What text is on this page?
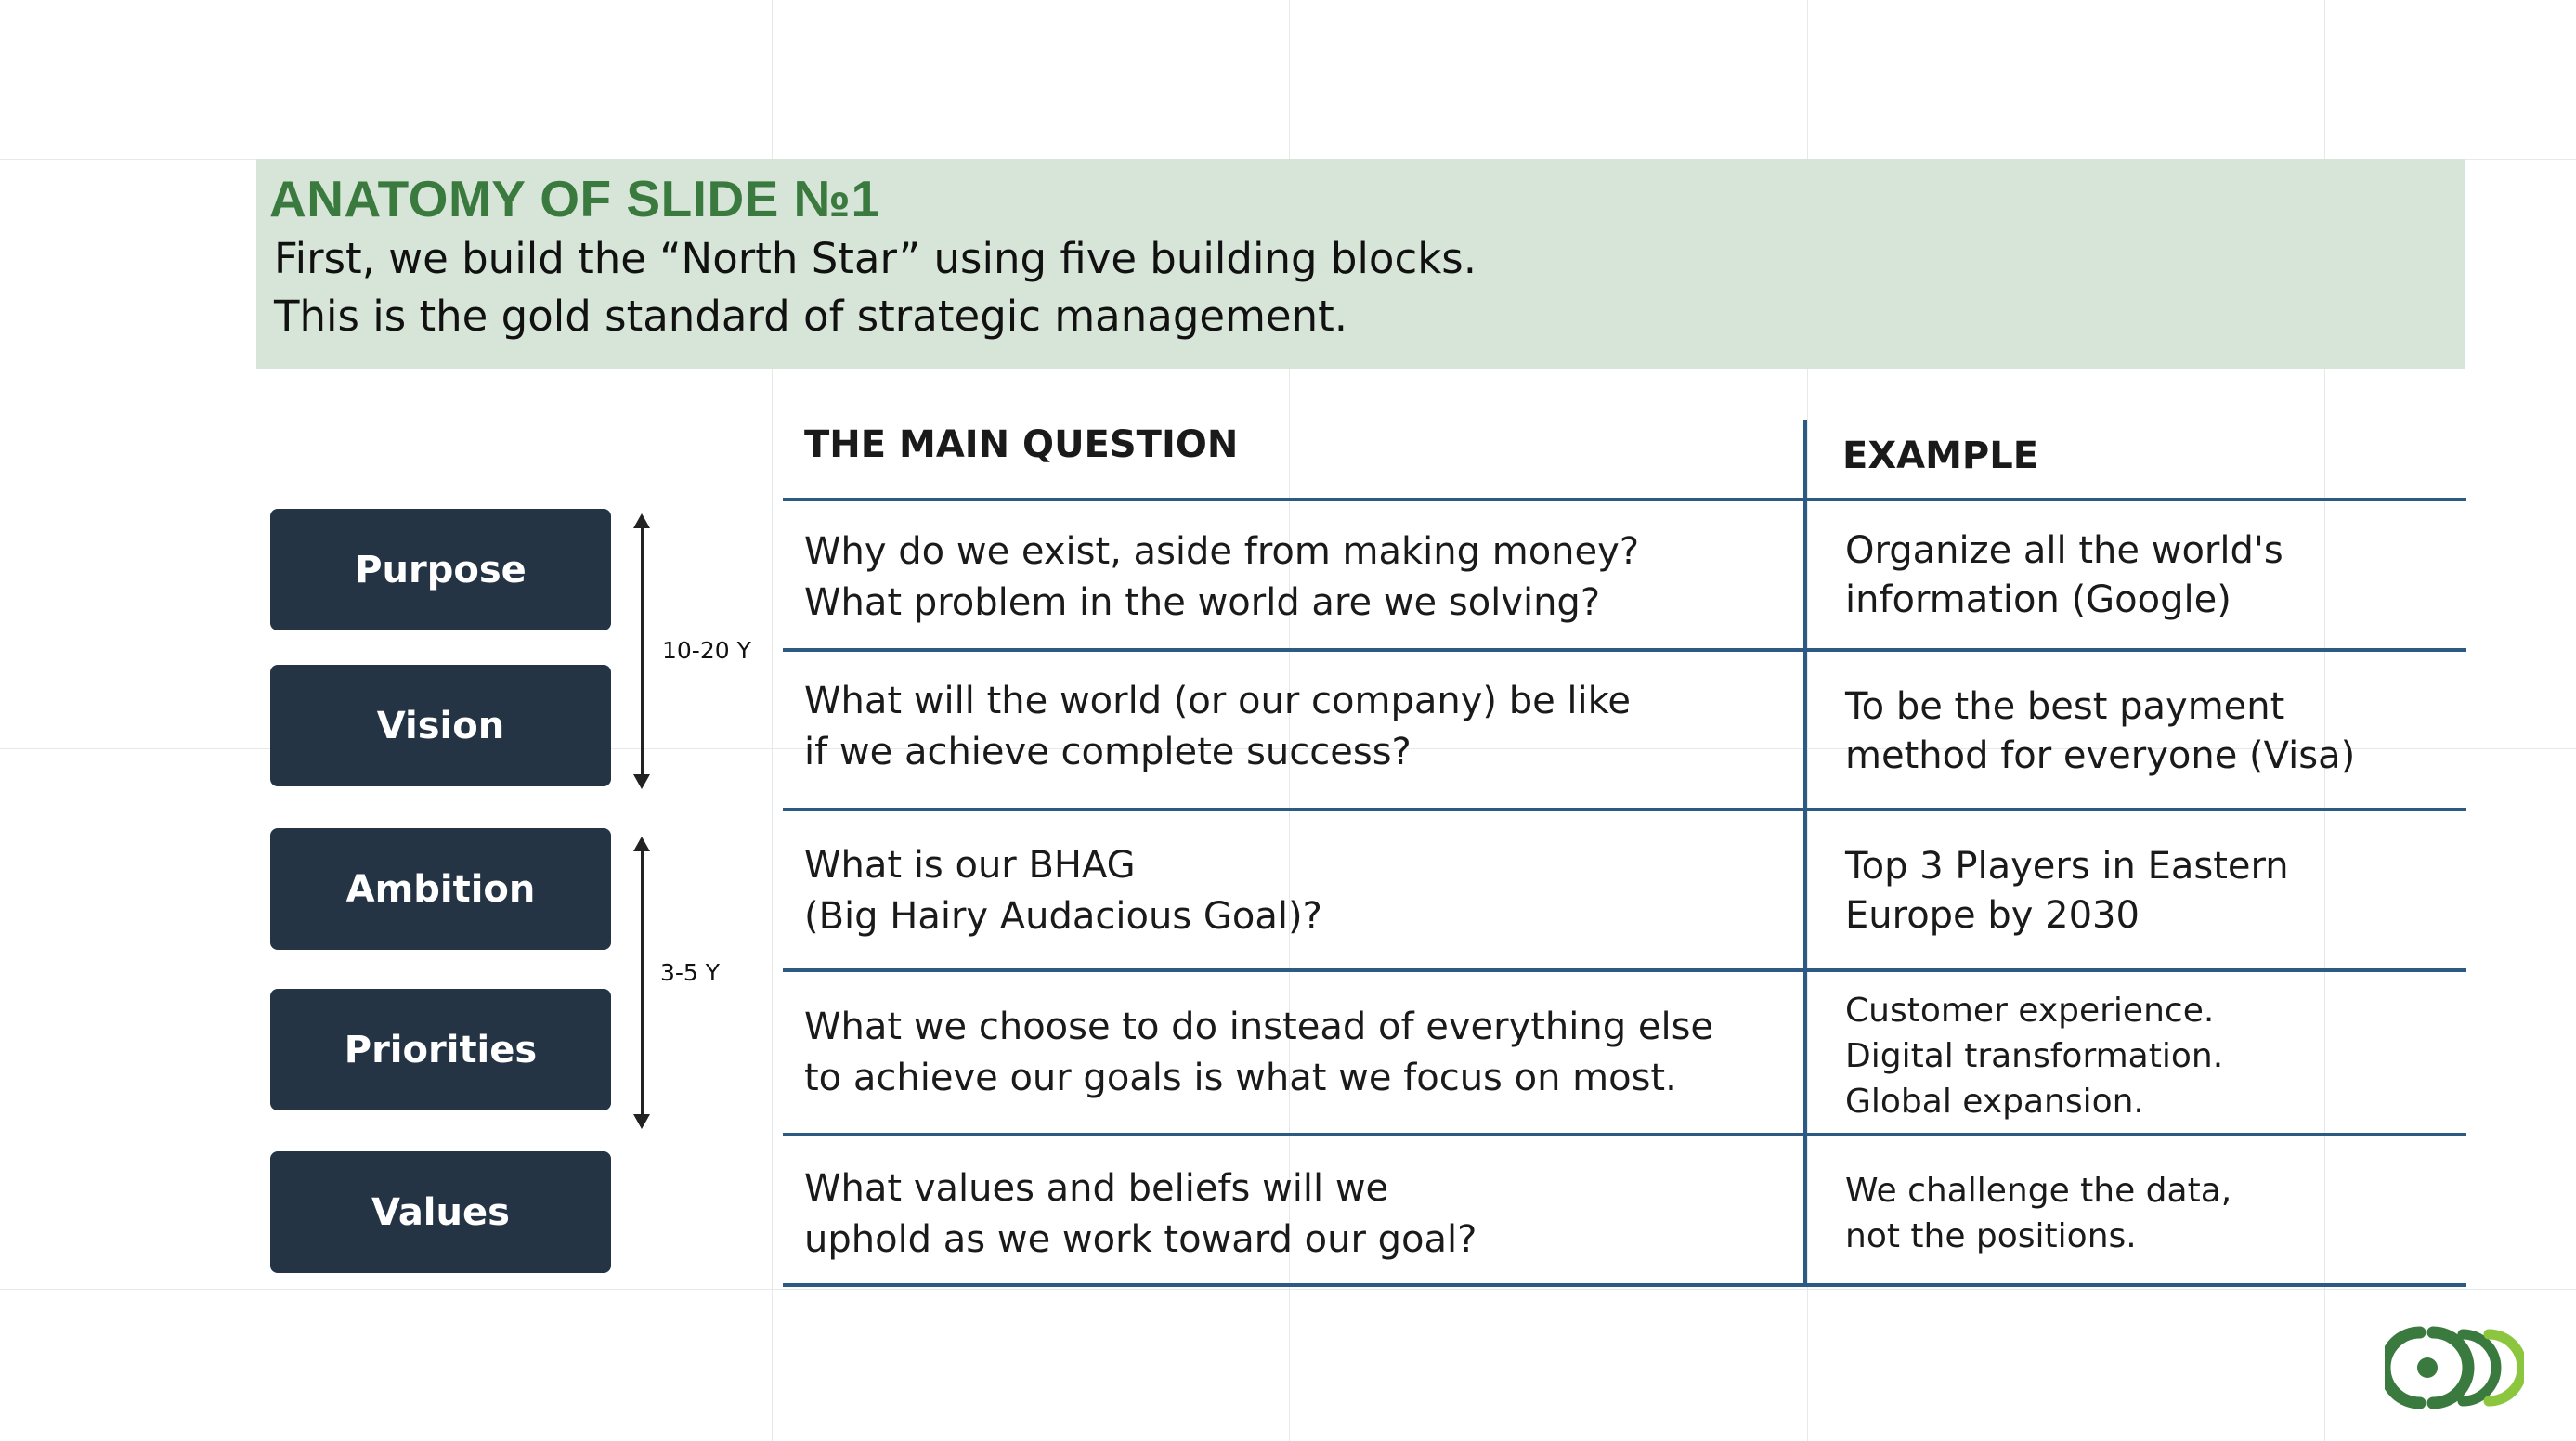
ANATOMY OF SLIDE №1
First, we build the “North Star” using five building blocks.
This is the gold standard of strategic management.
Purpose
Vision
Ambition
Priorities
Values
10-20 Y
3-5 Y
THE MAIN QUESTION	EXAMPLE
Why do we exist, aside from making money?
What problem in the world are we solving?
Organize all the world's
information (Google)
What will the world (or our company) be like
if we achieve complete success?
To be the best payment
method for everyone (Visa)
What is our BHAG
(Big Hairy Audacious Goal)?
Top 3 Players in Eastern
Europe by 2030
What we choose to do instead of everything else
to achieve our goals is what we focus on most.
Customer experience.
Digital transformation.
Global expansion.
What values and beliefs will we
uphold as we work toward our goal?
We challenge the data,
not the positions.
